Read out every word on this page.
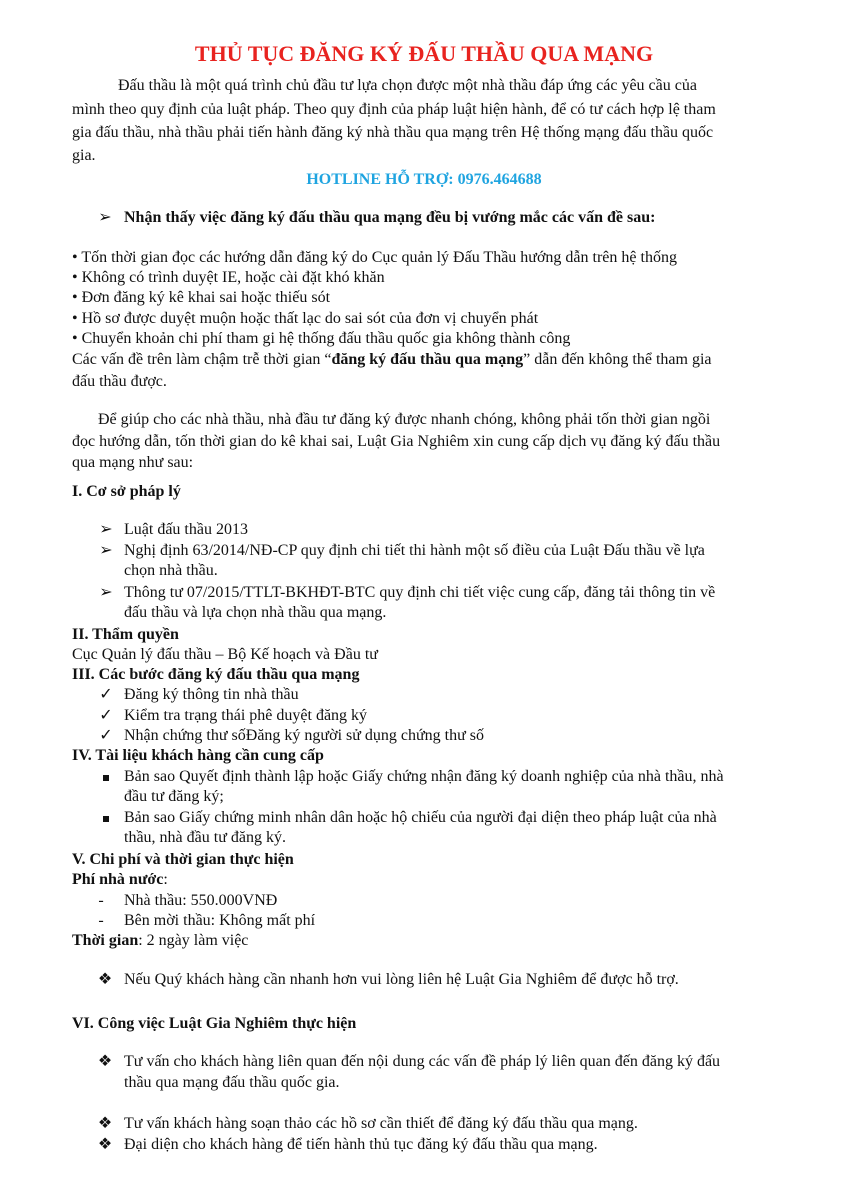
THỦ TỤC ĐĂNG KÝ ĐẤU THẦU QUA MẠNG
Đấu thầu là một quá trình chủ đầu tư lựa chọn được một nhà thầu đáp ứng các yêu cầu của
mình theo quy định của luật pháp. Theo quy định của pháp luật hiện hành, để có tư cách hợp lệ tham
gia đấu thầu, nhà thầu phải tiến hành đăng ký nhà thầu qua mạng trên Hệ thống mạng đấu thầu quốc
gia.
HOTLINE HỖ TRỢ: 0976.464688
➢
Nhận thấy việc đăng ký đấu thầu qua mạng đều bị vướng mắc các vấn đề sau:
• Tốn thời gian đọc các hướng dẫn đăng ký do Cục quản lý Đấu Thầu hướng dẫn trên hệ thống
• Không có trình duyệt IE, hoặc cài đặt khó khăn
• Đơn đăng ký kê khai sai hoặc thiếu sót
• Hồ sơ được duyệt muộn hoặc thất lạc do sai sót của đơn vị chuyển phát
• Chuyển khoản chi phí tham gi hệ thống đấu thầu quốc gia không thành công
Các vấn đề trên làm chậm trễ thời gian “đăng ký đấu thầu qua mạng” dẫn đến không thể tham gia
đấu thầu được.
Để giúp cho các nhà thầu, nhà đầu tư đăng ký được nhanh chóng, không phải tốn thời gian ngồi
đọc hướng dẫn, tốn thời gian do kê khai sai, Luật Gia Nghiêm xin cung cấp dịch vụ đăng ký đấu thầu
qua mạng như sau:
I. Cơ sở pháp lý
➢
Luật đấu thầu 2013
➢
Nghị định 63/2014/NĐ-CP quy định chi tiết thi hành một số điều của Luật Đấu thầu về lựa
chọn nhà thầu.
➢
Thông tư 07/2015/TTLT-BKHĐT-BTC quy định chi tiết việc cung cấp, đăng tải thông tin về
đấu thầu và lựa chọn nhà thầu qua mạng.
II. Thẩm quyền
Cục Quản lý đấu thầu – Bộ Kế hoạch và Đầu tư
III. Các bước đăng ký đấu thầu qua mạng
✓
Đăng ký thông tin nhà thầu
✓
Kiểm tra trạng thái phê duyệt đăng ký
✓
Nhận chứng thư sốĐăng ký người sử dụng chứng thư số
IV. Tài liệu khách hàng cần cung cấp
Bản sao Quyết định thành lập hoặc Giấy chứng nhận đăng ký doanh nghiệp của nhà thầu, nhà
đầu tư đăng ký;
Bản sao Giấy chứng minh nhân dân hoặc hộ chiếu của người đại diện theo pháp luật của nhà
thầu, nhà đầu tư đăng ký.
V. Chi phí và thời gian thực hiện
Phí nhà nước:
-	Nhà thầu: 550.000VNĐ
-	Bên mời thầu: Không mất phí
Thời gian: 2 ngày làm việc
❖
Nếu Quý khách hàng cần nhanh hơn vui lòng liên hệ Luật Gia Nghiêm để được hỗ trợ.
VI. Công việc Luật Gia Nghiêm thực hiện
❖
Tư vấn cho khách hàng liên quan đến nội dung các vấn đề pháp lý liên quan đến đăng ký đấu
thầu qua mạng đấu thầu quốc gia.
❖
Tư vấn khách hàng soạn thảo các hồ sơ cần thiết để đăng ký đấu thầu qua mạng.
❖
Đại diện cho khách hàng để tiến hành thủ tục đăng ký đấu thầu qua mạng.
